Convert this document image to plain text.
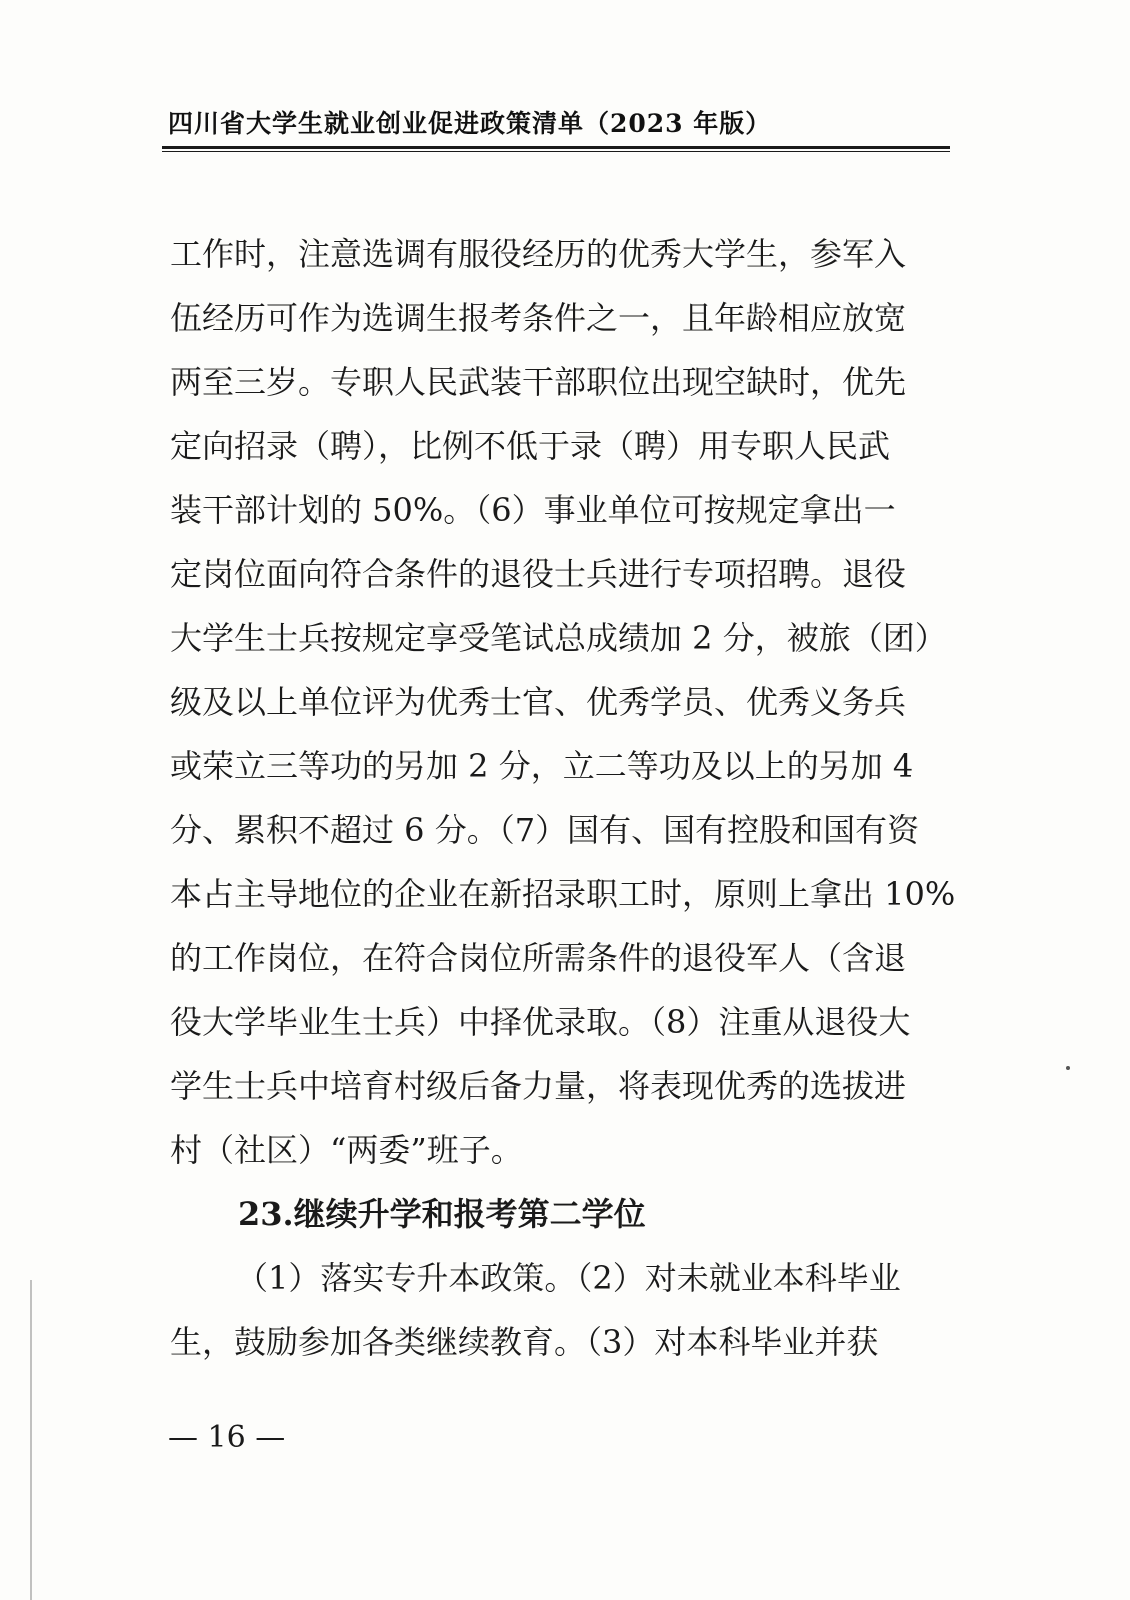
四川省大学生就业创业促进政策清单（2023 年版）
工作时，注意选调有服役经历的优秀大学生，参军入
伍经历可作为选调生报考条件之一，且年龄相应放宽
两至三岁。专职人民武装干部职位出现空缺时，优先
定向招录（聘），比例不低于录（聘）用专职人民武
装干部计划的 50%。（6）事业单位可按规定拿出一
定岗位面向符合条件的退役士兵进行专项招聘。退役
大学生士兵按规定享受笔试总成绩加 2 分，被旅（团）
级及以上单位评为优秀士官、优秀学员、优秀义务兵
或荣立三等功的另加 2 分，立二等功及以上的另加 4
分、累积不超过 6 分。（7）国有、国有控股和国有资
本占主导地位的企业在新招录职工时，原则上拿出 10%
的工作岗位，在符合岗位所需条件的退役军人（含退
役大学毕业生士兵）中择优录取。（8）注重从退役大
学生士兵中培育村级后备力量，将表现优秀的选拔进
村（社区）“两委”班子。
23.继续升学和报考第二学位
（1）落实专升本政策。（2）对未就业本科毕业
生，鼓励参加各类继续教育。（3）对本科毕业并获
— 16 —
